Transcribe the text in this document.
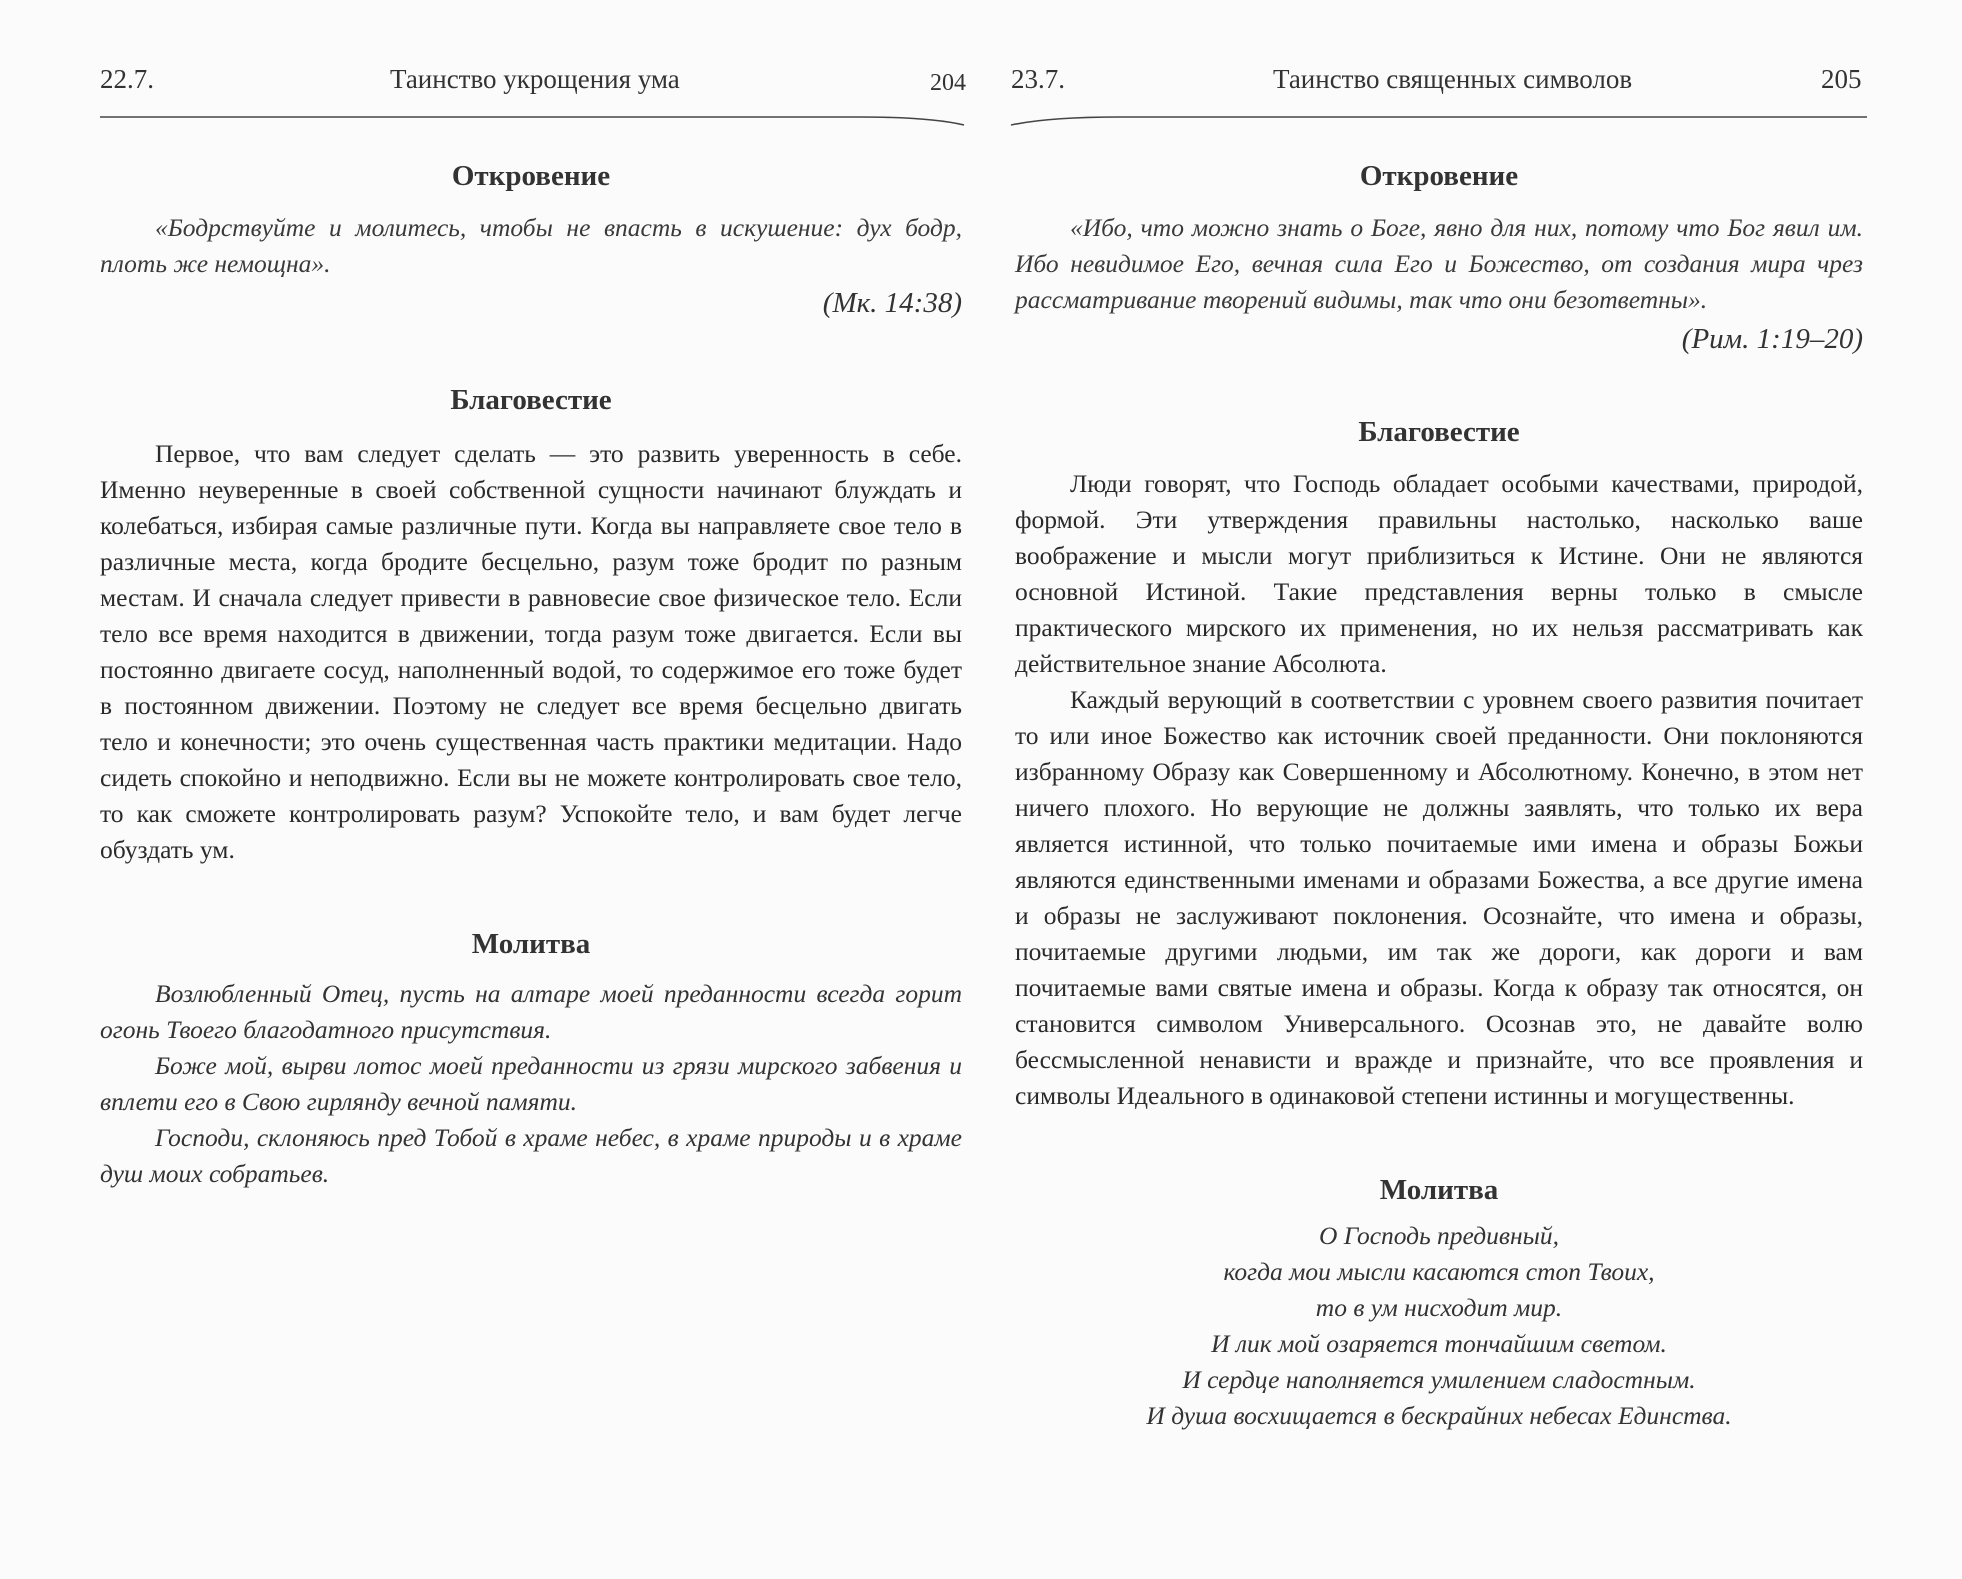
22.7.	Таинство укрощения ума	204
Откровение

«Бодрствуйте и молитесь, чтобы не впасть в искушение: дух бодр, плоть же немощна».

(Мк. 14:38)

Благовестие

Первое, что вам следует сделать — это развить уверенность в себе. Именно неуверенные в своей собственной сущности начинают блуждать и колебаться, избирая самые различные пути. Когда вы направляете свое тело в различные места, когда бродите бесцельно, разум тоже бродит по разным местам. И сначала следует привести в равновесие свое физическое тело. Если тело все время находится в движении, тогда разум тоже двигается. Если вы постоянно двигаете сосуд, наполненный водой, то содержимое его тоже будет в постоянном движении. Поэтому не следует все время бесцельно двигать тело и конечности; это очень существенная часть практики медитации. Надо сидеть спокойно и неподвижно. Если вы не можете контролировать свое тело, то как сможете контролировать разум? Успокойте тело, и вам будет легче обуздать ум.

Молитва

Возлюбленный Отец, пусть на алтаре моей преданности всегда горит огонь Твоего благодатного присутствия.

Боже мой, вырви лотос моей преданности из грязи мирского забвения и вплети его в Свою гирлянду вечной памяти.

Господи, склоняюсь пред Тобой в храме небес, в храме природы и в храме душ моих собратьев.

23.7.	Таинство священных символов	205
Откровение

«Ибо, что можно знать о Боге, явно для них, потому что Бог явил им. Ибо невидимое Его, вечная сила Его и Божество, от создания мира чрез рассматривание творений видимы, так что они безответны».

(Рим. 1:19–20)

Благовестие

Люди говорят, что Господь обладает особыми качествами, природой, формой. Эти утверждения правильны настолько, насколько ваше воображение и мысли могут приблизиться к Истине. Они не являются основной Истиной. Такие представления верны только в смысле практического мирского их применения, но их нельзя рассматривать как действительное знание Абсолюта.

Каждый верующий в соответствии с уровнем своего развития почитает то или иное Божество как источник своей преданности. Они поклоняются избранному Образу как Совершенному и Абсолютному. Конечно, в этом нет ничего плохого. Но верующие не должны заявлять, что только их вера является истинной, что только почитаемые ими имена и образы Божьи являются единственными именами и образами Божества, а все другие имена и образы не заслуживают поклонения. Осознайте, что имена и образы, почитаемые другими людьми, им так же дороги, как дороги и вам почитаемые вами святые имена и образы. Когда к образу так относятся, он становится символом Универсального. Осознав это, не давайте волю бессмысленной ненависти и вражде и признайте, что все проявления и символы Идеального в одинаковой степени истинны и могущественны.

Молитва
О Господь предивный,
когда мои мысли касаются стоп Твоих,
то в ум нисходит мир.
И лик мой озаряется тончайшим светом.
И сердце наполняется умилением сладостным.
И душа восхищается в бескрайних небесах Единства.
